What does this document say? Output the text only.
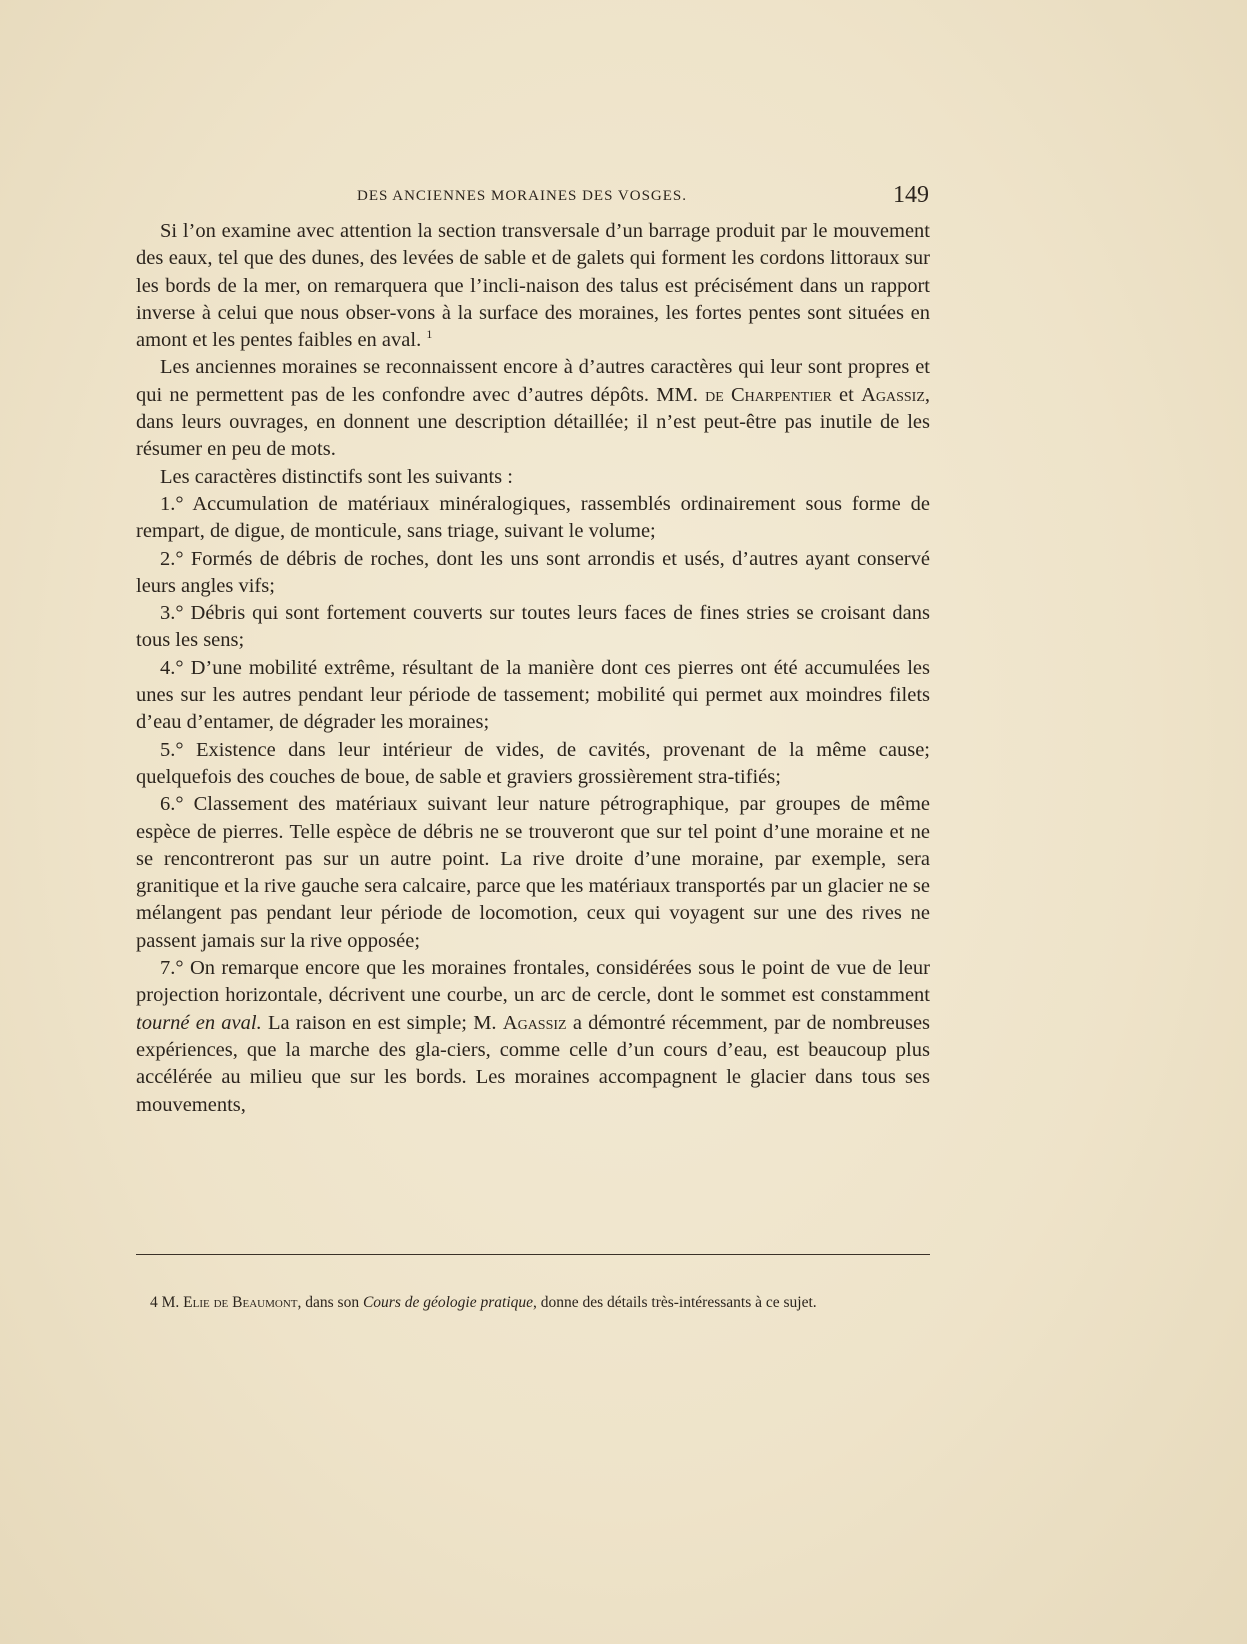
DES ANCIENNES MORAINES DES VOSGES.	149

Si l’on examine avec attention la section transversale d’un barrage produit par le mouvement des eaux, tel que des dunes, des levées de sable et de galets qui forment les cordons littoraux sur les bords de la mer, on remarquera que l’incli-naison des talus est précisément dans un rapport inverse à celui que nous obser-vons à la surface des moraines, les fortes pentes sont situées en amont et les pentes faibles en aval. $^1$

Les anciennes moraines se reconnaissent encore à d’autres caractères qui leur sont propres et qui ne permettent pas de les confondre avec d’autres dépôts. MM. de Charpentier et Agassiz, dans leurs ouvrages, en donnent une description détaillée; il n’est peut-être pas inutile de les résumer en peu de mots.

Les caractères distinctifs sont les suivants :

1.° Accumulation de matériaux minéralogiques, rassemblés ordinairement sous forme de rempart, de digue, de monticule, sans triage, suivant le volume;

2.° Formés de débris de roches, dont les uns sont arrondis et usés, d’autres ayant conservé leurs angles vifs;

3.° Débris qui sont fortement couverts sur toutes leurs faces de fines stries se croisant dans tous les sens;

4.° D’une mobilité extrême, résultant de la manière dont ces pierres ont été accumulées les unes sur les autres pendant leur période de tassement; mobilité qui permet aux moindres filets d’eau d’entamer, de dégrader les moraines;

5.° Existence dans leur intérieur de vides, de cavités, provenant de la même cause; quelquefois des couches de boue, de sable et graviers grossièrement stra-tifiés;

6.° Classement des matériaux suivant leur nature pétrographique, par groupes de même espèce de pierres. Telle espèce de débris ne se trouveront que sur tel point d’une moraine et ne se rencontreront pas sur un autre point. La rive droite d’une moraine, par exemple, sera granitique et la rive gauche sera calcaire, parce que les matériaux transportés par un glacier ne se mélangent pas pendant leur période de locomotion, ceux qui voyagent sur une des rives ne passent jamais sur la rive opposée;

7.° On remarque encore que les moraines frontales, considérées sous le point de vue de leur projection horizontale, décrivent une courbe, un arc de cercle, dont le sommet est constamment tourné en aval. La raison en est simple; M. Agassiz a démontré récemment, par de nombreuses expériences, que la marche des gla-ciers, comme celle d’un cours d’eau, est beaucoup plus accélérée au milieu que sur les bords. Les moraines accompagnent le glacier dans tous ses mouvements,

4 M. Elie de Beaumont, dans son Cours de géologie pratique, donne des détails très-intéressants à ce sujet.
